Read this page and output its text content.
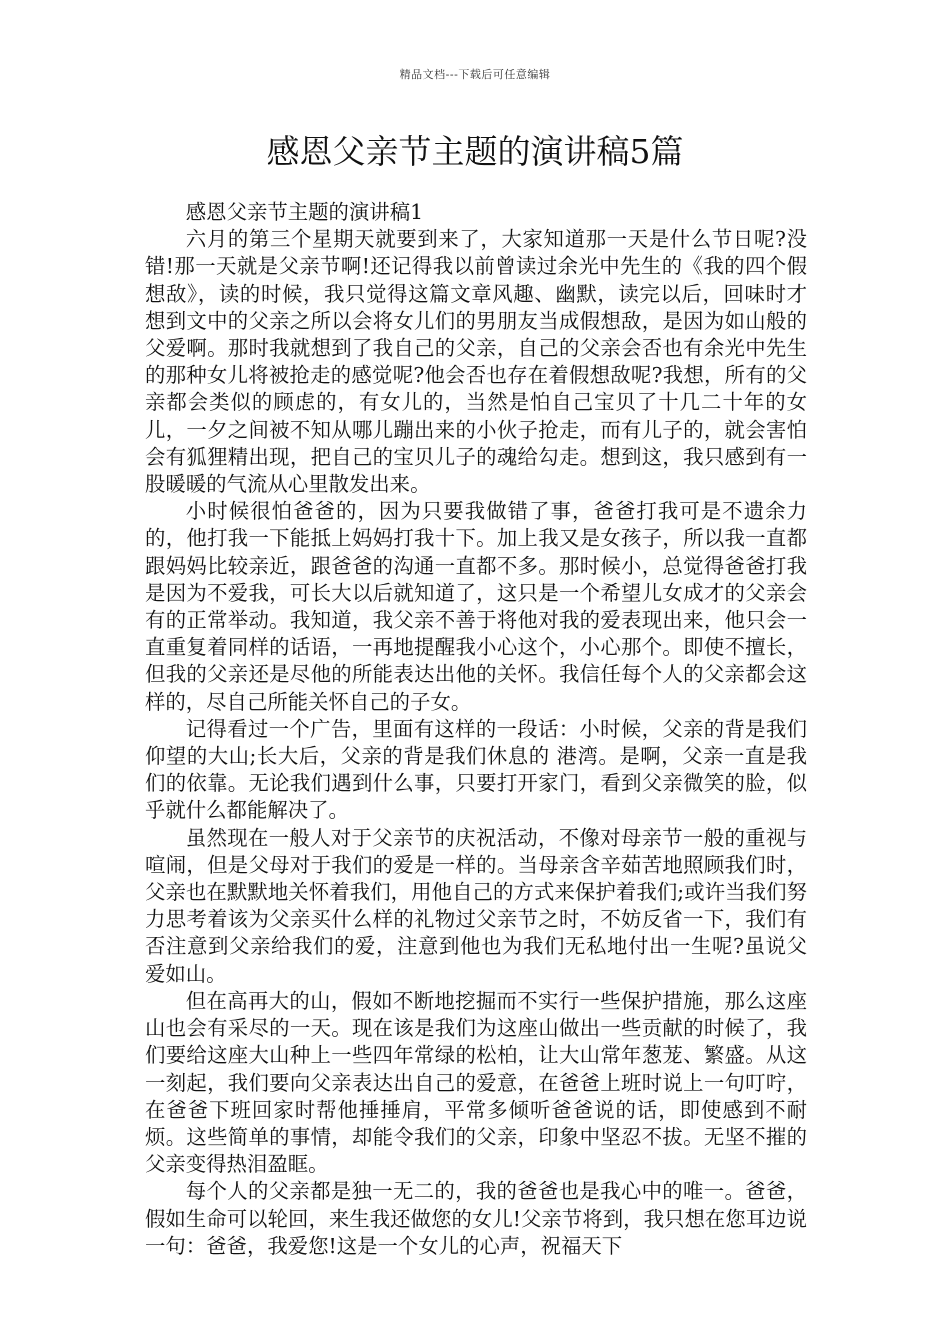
精品文档---下载后可任意编辑
感恩父亲节主题的演讲稿5篇

感恩父亲节主题的演讲稿1

六月的第三个星期天就要到来了，大家知道那一天是什么节日呢?没错!那一天就是父亲节啊!还记得我以前曾读过余光中先生的《我的四个假想敌》，读的时候，我只觉得这篇文章风趣、幽默，读完以后，回味时才想到文中的父亲之所以会将女儿们的男朋友当成假想敌，是因为如山般的父爱啊。那时我就想到了我自己的父亲，自己的父亲会否也有余光中先生的那种女儿将被抢走的感觉呢?他会否也存在着假想敌呢?我想，所有的父亲都会类似的顾虑的，有女儿的，当然是怕自己宝贝了十几二十年的女儿，一夕之间被不知从哪儿蹦出来的小伙子抢走，而有儿子的，就会害怕会有狐狸精出现，把自己的宝贝儿子的魂给勾走。想到这，我只感到有一股暖暖的气流从心里散发出来。

小时候很怕爸爸的，因为只要我做错了事，爸爸打我可是不遗余力的，他打我一下能抵上妈妈打我十下。加上我又是女孩子，所以我一直都跟妈妈比较亲近，跟爸爸的沟通一直都不多。那时候小，总觉得爸爸打我是因为不爱我，可长大以后就知道了，这只是一个希望儿女成才的父亲会有的正常举动。我知道，我父亲不善于将他对我的爱表现出来，他只会一直重复着同样的话语，一再地提醒我小心这个，小心那个。即使不擅长，但我的父亲还是尽他的所能表达出他的关怀。我信任每个人的父亲都会这样的，尽自己所能关怀自己的子女。

记得看过一个广告，里面有这样的一段话：小时候，父亲的背是我们仰望的大山;长大后，父亲的背是我们休息的 港湾。是啊，父亲一直是我们的依靠。无论我们遇到什么事，只要打开家门，看到父亲微笑的脸，似乎就什么都能解决了。

虽然现在一般人对于父亲节的庆祝活动，不像对母亲节一般的重视与喧闹，但是父母对于我们的爱是一样的。当母亲含辛茹苦地照顾我们时，父亲也在默默地关怀着我们，用他自己的方式来保护着我们;或许当我们努力思考着该为父亲买什么样的礼物过父亲节之时，不妨反省一下，我们有否注意到父亲给我们的爱，注意到他也为我们无私地付出一生呢?虽说父爱如山。

但在高再大的山，假如不断地挖掘而不实行一些保护措施，那么这座山也会有采尽的一天。现在该是我们为这座山做出一些贡献的时候了，我们要给这座大山种上一些四年常绿的松柏，让大山常年葱茏、繁盛。从这一刻起，我们要向父亲表达出自己的爱意，在爸爸上班时说上一句叮咛，在爸爸下班回家时帮他捶捶肩，平常多倾听爸爸说的话，即使感到不耐烦。这些简单的事情，却能令我们的父亲，印象中坚忍不拔。无坚不摧的父亲变得热泪盈眶。

每个人的父亲都是独一无二的，我的爸爸也是我心中的唯一。爸爸，假如生命可以轮回，来生我还做您的女儿!父亲节将到，我只想在您耳边说一句：爸爸，我爱您!这是一个女儿的心声，祝福天下
